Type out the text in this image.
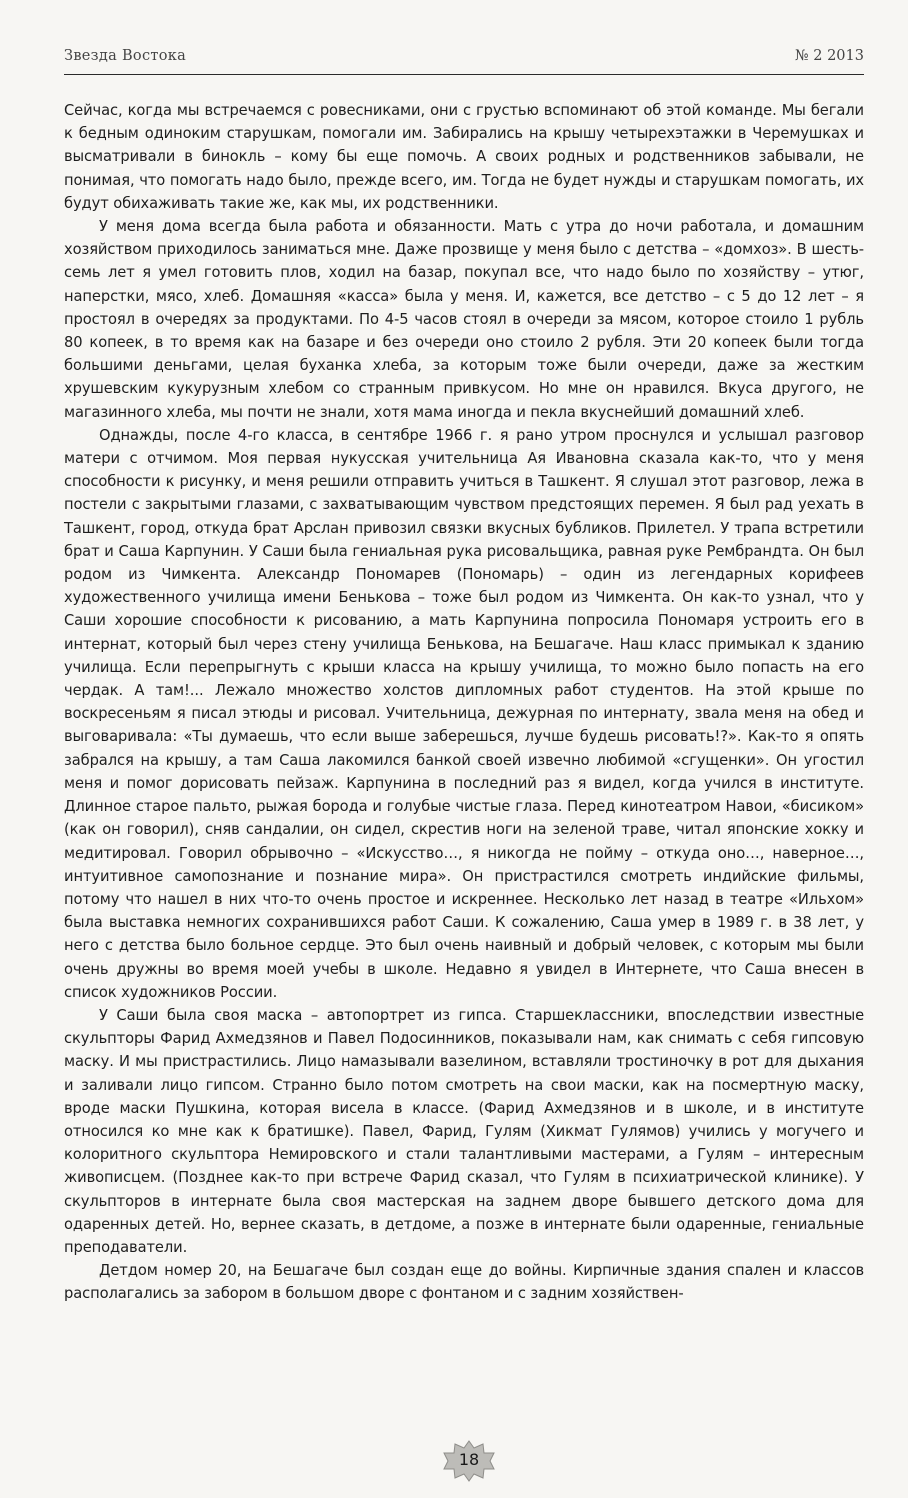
Звезда Востока	№ 2 2013

Сейчас, когда мы встречаемся с ровесниками, они с грустью вспоминают об этой команде. Мы бегали к бедным одиноким старушкам, помогали им. Забирались на крышу четырехэтажки в Черемушках и высматривали в бинокль – кому бы еще помочь. А своих родных и родственников забывали, не понимая, что помогать надо было, прежде всего, им. Тогда не будет нужды и старушкам помогать, их будут обихаживать такие же, как мы, их родственники.

У меня дома всегда была работа и обязанности. Мать с утра до ночи работала, и домашним хозяйством приходилось заниматься мне. Даже прозвище у меня было с детства – «домхоз». В шесть-семь лет я умел готовить плов, ходил на базар, покупал все, что надо было по хозяйству – утюг, наперстки, мясо, хлеб. Домашняя «касса» была у меня. И, кажется, все детство – с 5 до 12 лет – я простоял в очередях за продуктами. По 4-5 часов стоял в очереди за мясом, которое стоило 1 рубль 80 копеек, в то время как на базаре и без очереди оно стоило 2 рубля. Эти 20 копеек были тогда большими деньгами, целая буханка хлеба, за которым тоже были очереди, даже за жестким хрушевским кукурузным хлебом со странным привкусом. Но мне он нравился. Вкуса другого, не магазинного хлеба, мы почти не знали, хотя мама иногда и пекла вкуснейший домашний хлеб.

Однажды, после 4-го класса, в сентябре 1966 г. я рано утром проснулся и услышал разговор матери с отчимом. Моя первая нукусская учительница Ая Ивановна сказала как-то, что у меня способности к рисунку, и меня решили отправить учиться в Ташкент. Я слушал этот разговор, лежа в постели с закрытыми глазами, с захватывающим чувством предстоящих перемен. Я был рад уехать в Ташкент, город, откуда брат Арслан привозил связки вкусных бубликов. Прилетел. У трапа встретили брат и Саша Карпунин. У Саши была гениальная рука рисовальщика, равная руке Рембрандта. Он был родом из Чимкента. Александр Пономарев (Пономарь) – один из легендарных корифеев художественного училища имени Бенькова – тоже был родом из Чимкента. Он как-то узнал, что у Саши хорошие способности к рисованию, а мать Карпунина попросила Пономаря устроить его в интернат, который был через стену училища Бенькова, на Бешагаче. Наш класс примыкал к зданию училища. Если перепрыгнуть с крыши класса на крышу училища, то можно было попасть на его чердак. А там!... Лежало множество холстов дипломных работ студентов. На этой крыше по воскресеньям я писал этюды и рисовал. Учительница, дежурная по интернату, звала меня на обед и выговаривала: «Ты думаешь, что если выше заберешься, лучше будешь рисовать!?». Как-то я опять забрался на крышу, а там Саша лакомился банкой своей извечно любимой «сгущенки». Он угостил меня и помог дорисовать пейзаж. Карпунина в последний раз я видел, когда учился в институте. Длинное старое пальто, рыжая борода и голубые чистые глаза. Перед кинотеатром Навои, «бисиком» (как он говорил), сняв сандалии, он сидел, скрестив ноги на зеленой траве, читал японские хокку и медитировал. Говорил обрывочно – «Искусство…, я никогда не пойму – откуда оно…, наверное…, интуитивное самопознание и познание мира». Он пристрастился смотреть индийские фильмы, потому что нашел в них что-то очень простое и искреннее. Несколько лет назад в театре «Ильхом» была выставка немногих сохранившихся работ Саши. К сожалению, Саша умер в 1989 г. в 38 лет, у него с детства было больное сердце. Это был очень наивный и добрый человек, с которым мы были очень дружны во время моей учебы в школе. Недавно я увидел в Интернете, что Саша внесен в список художников России.

У Саши была своя маска – автопортрет из гипса. Старшеклассники, впоследствии известные скульпторы Фарид Ахмедзянов и Павел Подосинников, показывали нам, как снимать с себя гипсовую маску. И мы пристрастились. Лицо намазывали вазелином, вставляли тростиночку в рот для дыхания и заливали лицо гипсом. Странно было потом смотреть на свои маски, как на посмертную маску, вроде маски Пушкина, которая висела в классе. (Фарид Ахмедзянов и в школе, и в институте относился ко мне как к братишке). Павел, Фарид, Гулям (Хикмат Гулямов) учились у могучего и колоритного скульптора Немировского и стали талантливыми мастерами, а Гулям – интересным живописцем. (Позднее как-то при встрече Фарид сказал, что Гулям в психиатрической клинике). У скульпторов в интернате была своя мастерская на заднем дворе бывшего детского дома для одаренных детей. Но, вернее сказать, в детдоме, а позже в интернате были одаренные, гениальные преподаватели.

Детдом номер 20, на Бешагаче был создан еще до войны. Кирпичные здания спален и классов располагались за забором в большом дворе с фонтаном и с задним хозяйствен-

18
